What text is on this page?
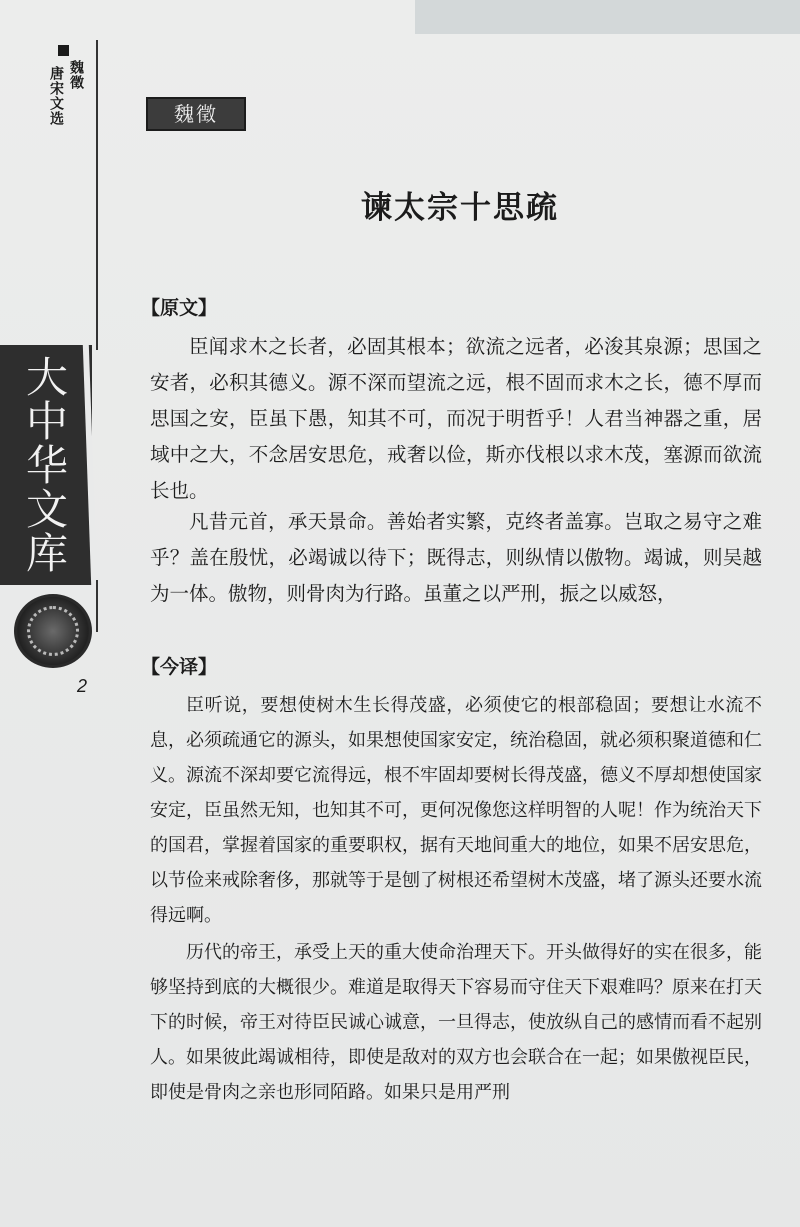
魏徵
唐宋文选
大中华文库
2
魏徵
谏太宗十思疏
【原文】

臣闻求木之长者，必固其根本；欲流之远者，必浚其泉源；思国之安者，必积其德义。源不深而望流之远，根不固而求木之长，德不厚而思国之安，臣虽下愚，知其不可，而况于明哲乎！人君当神器之重，居域中之大，不念居安思危，戒奢以俭，斯亦伐根以求木茂，塞源而欲流长也。

凡昔元首，承天景命。善始者实繁，克终者盖寡。岂取之易守之难乎？盖在殷忧，必竭诚以待下；既得志，则纵情以傲物。竭诚，则吴越为一体。傲物，则骨肉为行路。虽董之以严刑，振之以威怒，

【今译】

臣听说，要想使树木生长得茂盛，必须使它的根部稳固；要想让水流不息，必须疏通它的源头，如果想使国家安定，统治稳固，就必须积聚道德和仁义。源流不深却要它流得远，根不牢固却要树长得茂盛，德义不厚却想使国家安定，臣虽然无知，也知其不可，更何况像您这样明智的人呢！作为统治天下的国君，掌握着国家的重要职权，据有天地间重大的地位，如果不居安思危，以节俭来戒除奢侈，那就等于是刨了树根还希望树木茂盛，堵了源头还要水流得远啊。

历代的帝王，承受上天的重大使命治理天下。开头做得好的实在很多，能够坚持到底的大概很少。难道是取得天下容易而守住天下艰难吗？原来在打天下的时候，帝王对待臣民诚心诚意，一旦得志，使放纵自己的感情而看不起别人。如果彼此竭诚相待，即使是敌对的双方也会联合在一起；如果傲视臣民，即使是骨肉之亲也形同陌路。如果只是用严刑
